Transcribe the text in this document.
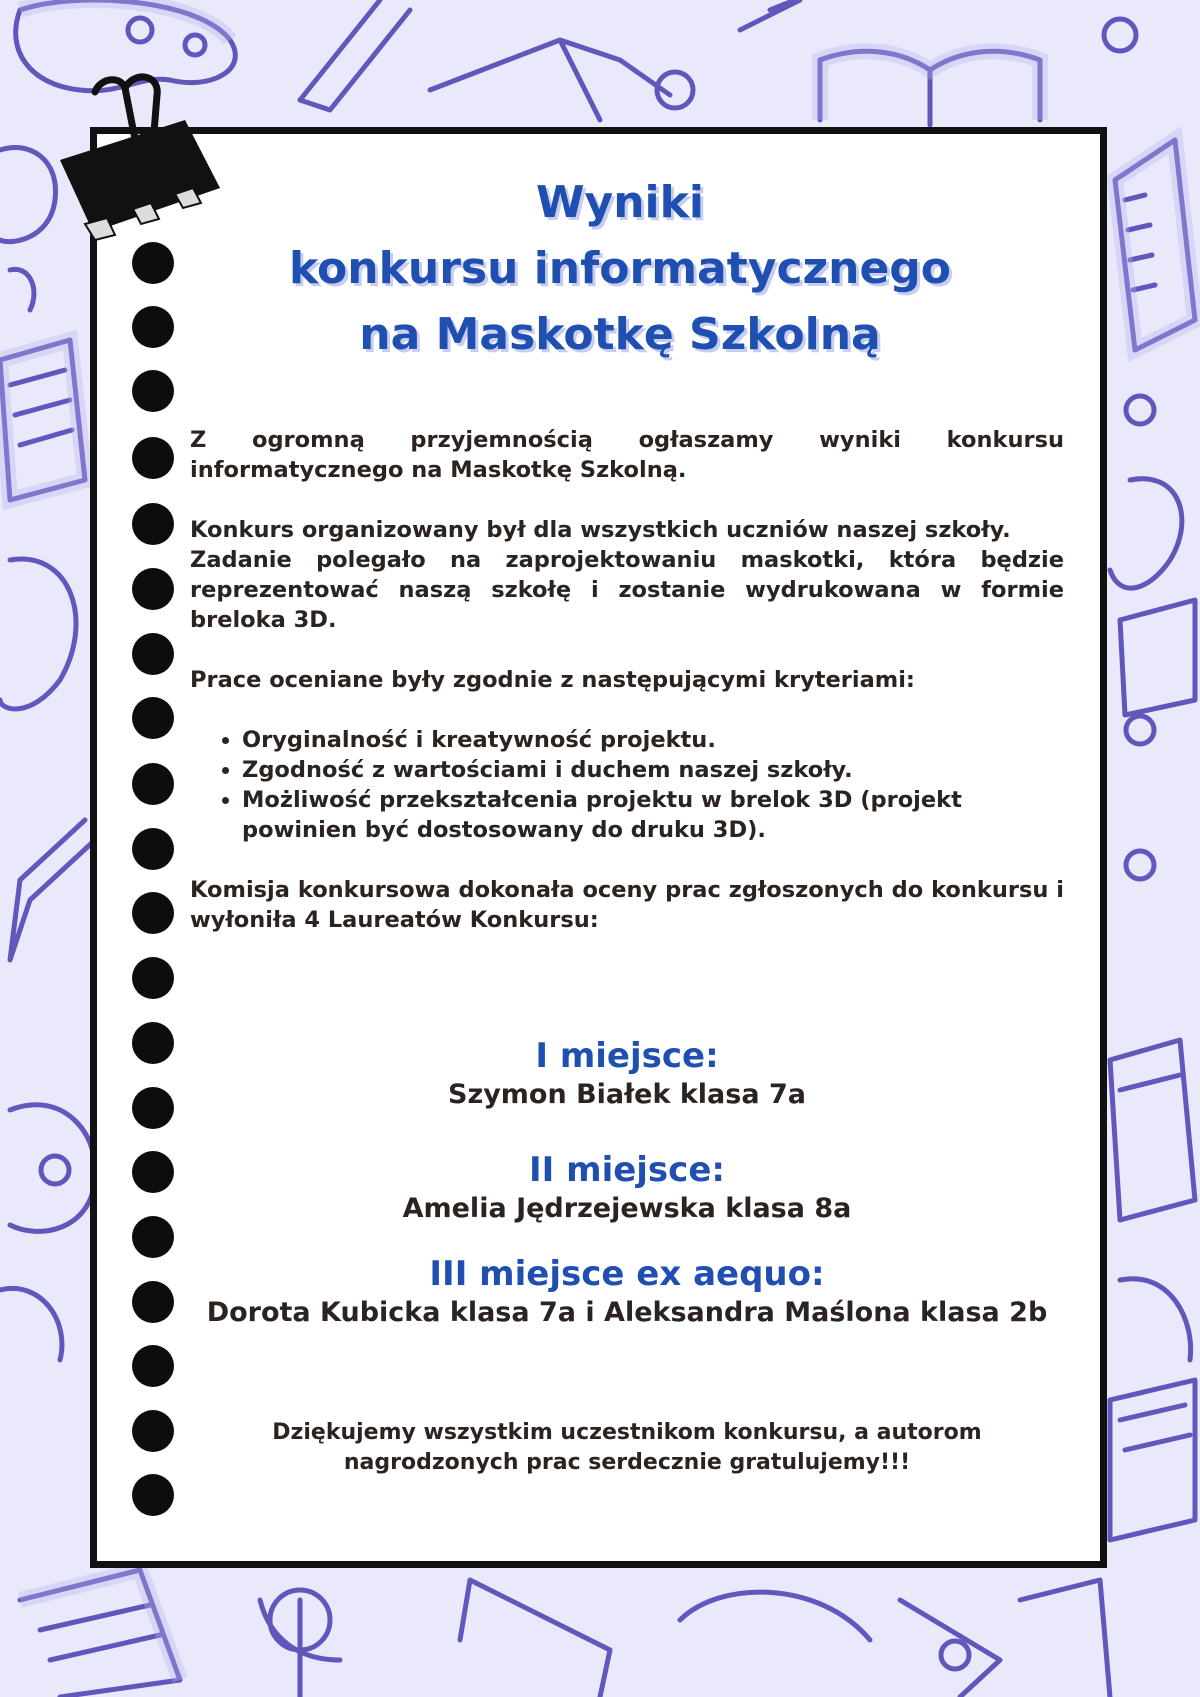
Wyniki
konkursu informatycznego
na Maskotkę Szkolną

Z ogromną przyjemnością ogłaszamy wyniki konkursu informatycznego na Maskotkę Szkolną.

Konkurs organizowany był dla wszystkich uczniów naszej szkoły.

Zadanie polegało na zaprojektowaniu maskotki, która będzie reprezentować naszą szkołę i zostanie wydrukowana w formie breloka 3D.

Prace oceniane były zgodnie z następującymi kryteriami:

• Oryginalność i kreatywność projektu.
• Zgodność z wartościami i duchem naszej szkoły.
• Możliwość przekształcenia projektu w brelok 3D (projekt powinien być dostosowany do druku 3D).

Komisja konkursowa dokonała oceny prac zgłoszonych do konkursu i wyłoniła 4 Laureatów Konkursu:

I miejsce:
Szymon Białek klasa 7a
II miejsce:
Amelia Jędrzejewska klasa 8a
III miejsce ex aequo:
Dorota Kubicka klasa 7a i Aleksandra Maślona klasa 2b
Dziękujemy wszystkim uczestnikom konkursu, a autorom
nagrodzonych prac serdecznie gratulujemy!!!
